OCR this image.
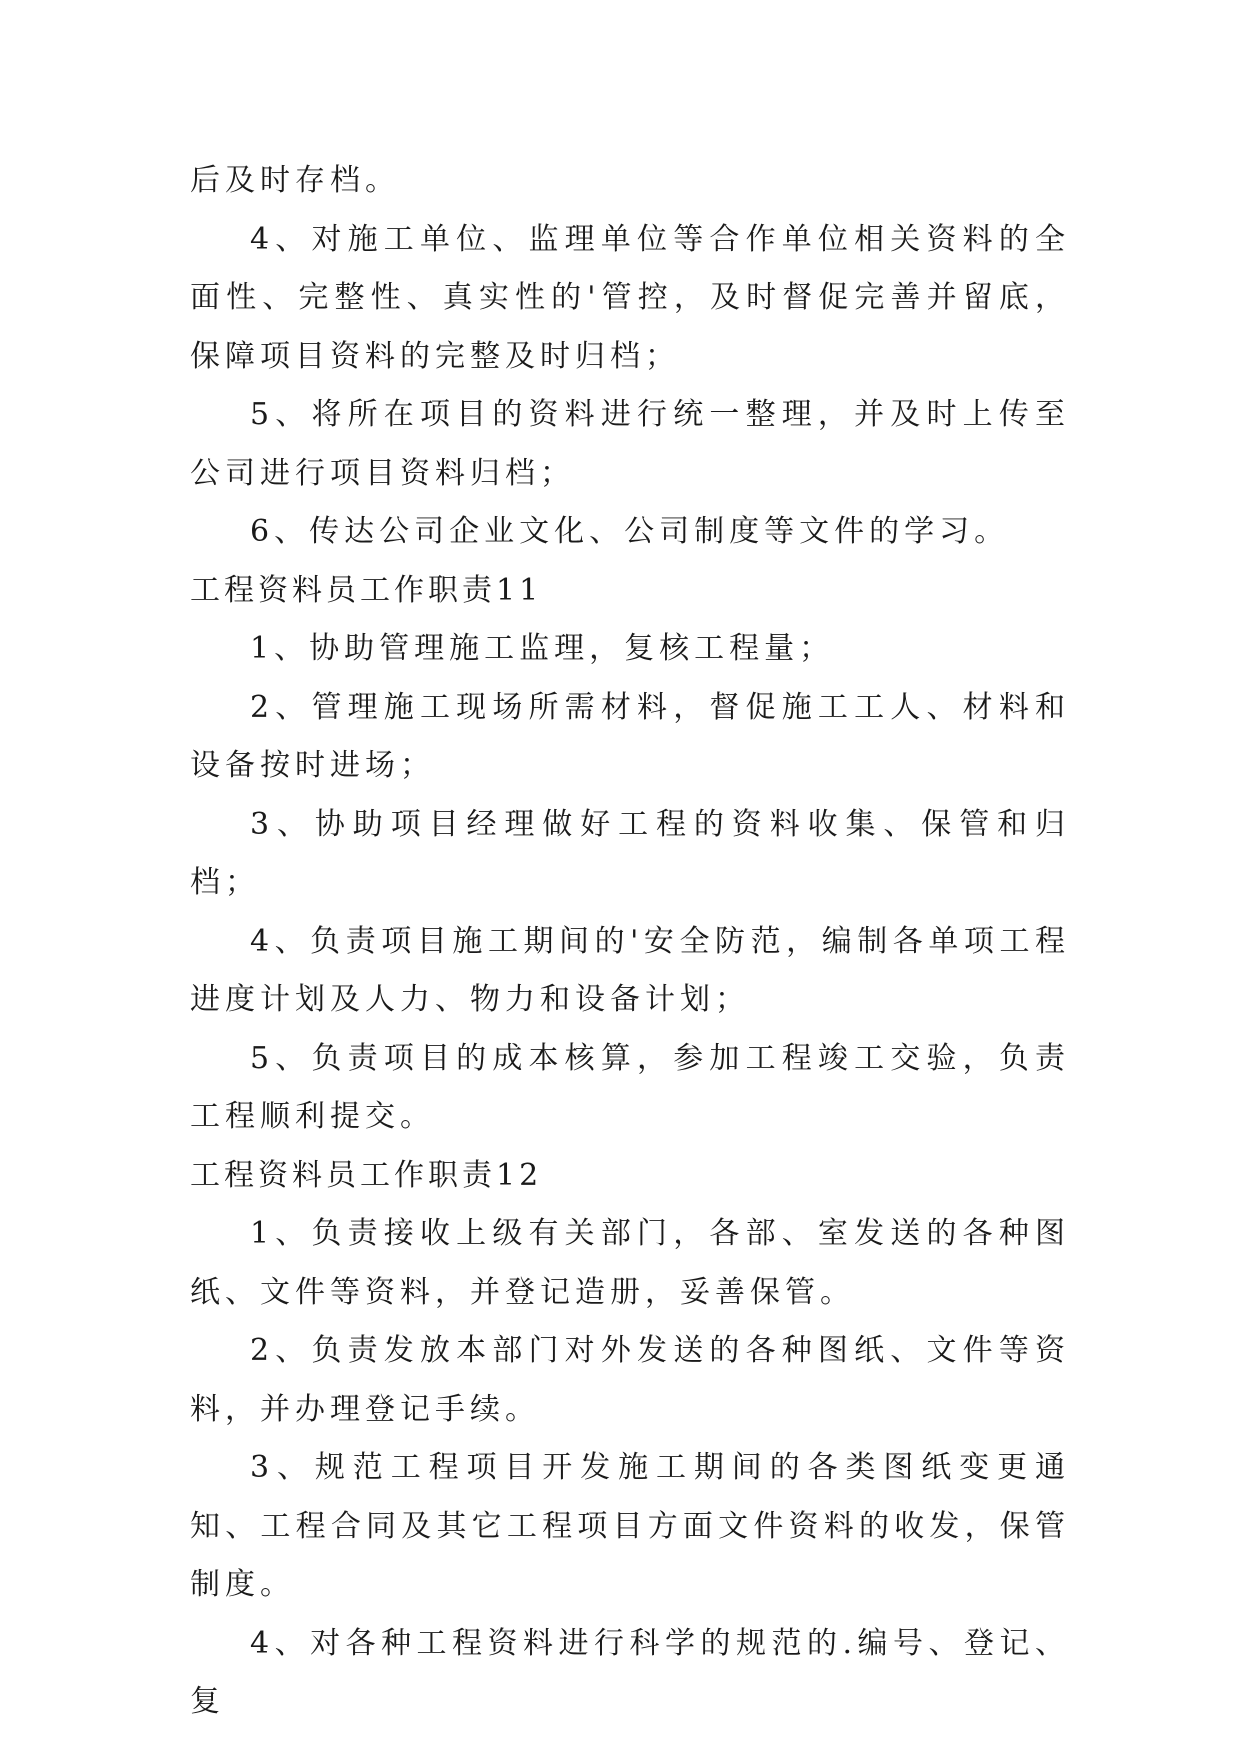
后及时存档。

4、对施工单位、监理单位等合作单位相关资料的全面性、完整性、真实性的'管控，及时督促完善并留底，保障项目资料的完整及时归档；

5、将所在项目的资料进行统一整理，并及时上传至公司进行项目资料归档；

6、传达公司企业文化、公司制度等文件的学习。

工程资料员工作职责11

1、协助管理施工监理，复核工程量；

2、管理施工现场所需材料，督促施工工人、材料和设备按时进场；

3、协助项目经理做好工程的资料收集、保管和归档；

4、负责项目施工期间的'安全防范，编制各单项工程进度计划及人力、物力和设备计划；

5、负责项目的成本核算，参加工程竣工交验，负责工程顺利提交。

工程资料员工作职责12

1、负责接收上级有关部门，各部、室发送的各种图纸、文件等资料，并登记造册，妥善保管。

2、负责发放本部门对外发送的各种图纸、文件等资料，并办理登记手续。

3、规范工程项目开发施工期间的各类图纸变更通知、工程合同及其它工程项目方面文件资料的收发，保管制度。

4、对各种工程资料进行科学的规范的.编号、登记、复
